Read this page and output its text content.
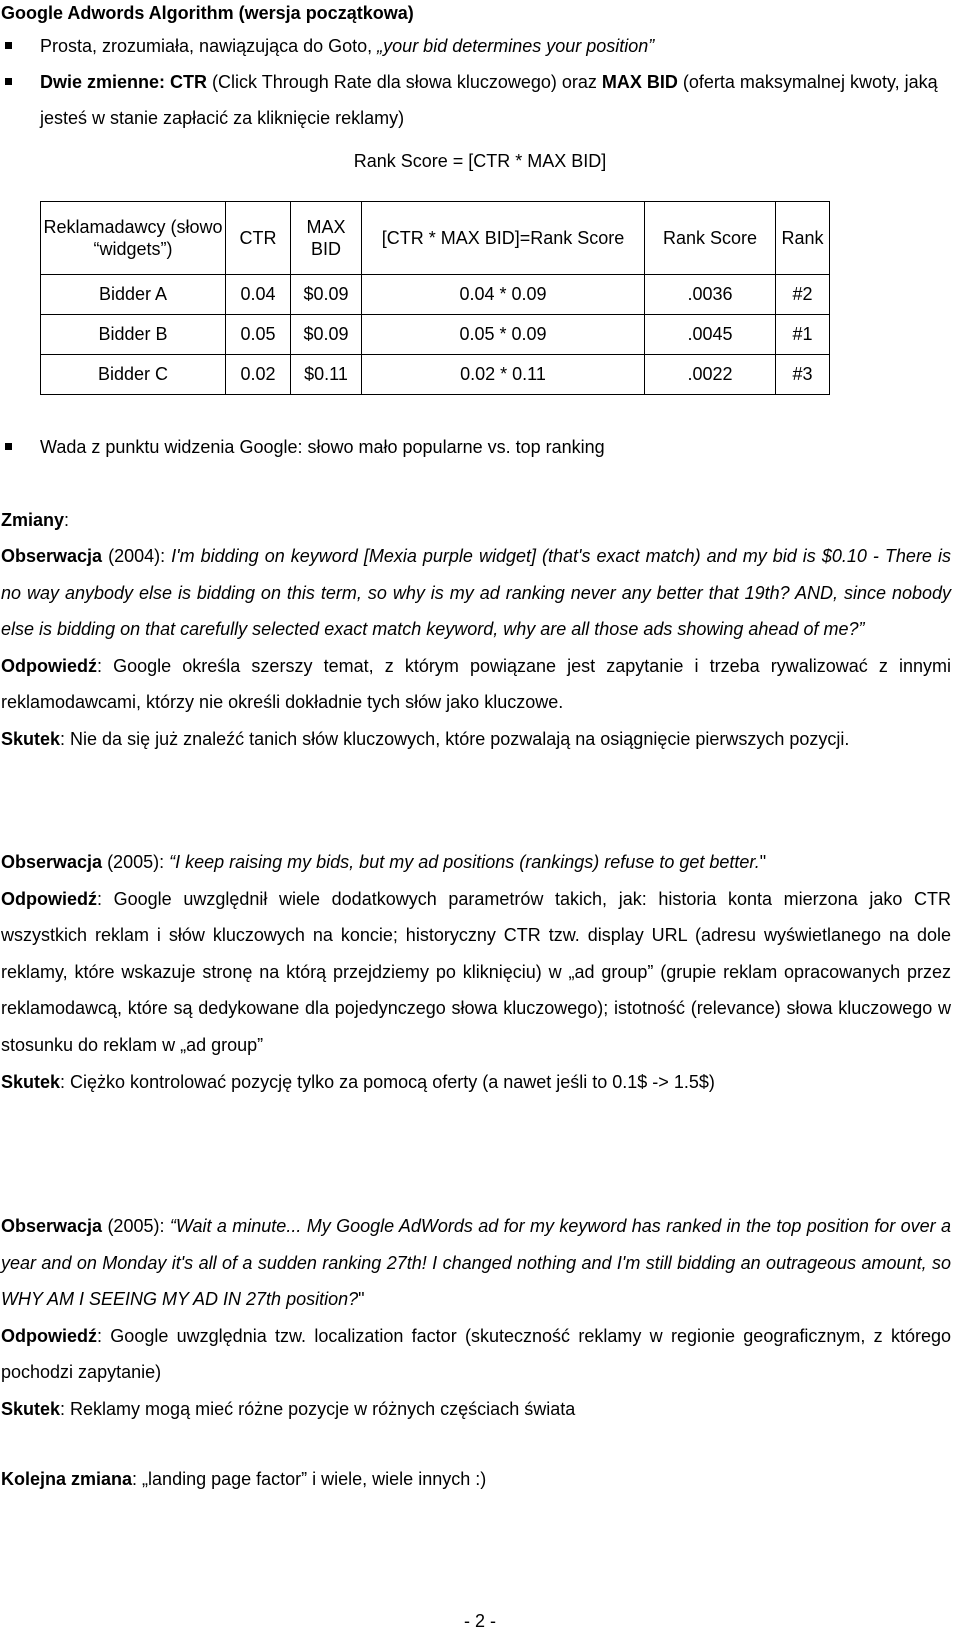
Google Adwords Algorithm (wersja początkowa)
Prosta, zrozumiała, nawiązująca do Goto, „your bid determines your position”
Dwie zmienne: CTR (Click Through Rate dla słowa kluczowego) oraz MAX BID (oferta maksymalnej kwoty, jaką jesteś w stanie zapłacić za kliknięcie reklamy)
Rank Score = [CTR * MAX BID]
Reklamadawcy (słowo “widgets”)	CTR	MAX BID	[CTR * MAX BID]=Rank Score	Rank Score	Rank
Bidder A	0.04	$0.09	0.04 * 0.09	.0036	#2
Bidder B	0.05	$0.09	0.05 * 0.09	.0045	#1
Bidder C	0.02	$0.11	0.02 * 0.11	.0022	#3
Wada z punktu widzenia Google: słowo mało popularne vs. top ranking
Zmiany:
Obserwacja (2004): I'm bidding on keyword [Mexia purple widget] (that's exact match) and my bid is $0.10 - There is no way anybody else is bidding on this term, so why is my ad ranking never any better that 19th? AND, since nobody else is bidding on that carefully selected exact match keyword, why are all those ads showing ahead of me?”
Odpowiedź: Google określa szerszy temat, z którym powiązane jest zapytanie i trzeba rywalizować z innymi reklamodawcami, którzy nie określi dokładnie tych słów jako kluczowe.
Skutek: Nie da się już znaleźć tanich słów kluczowych, które pozwalają na osiągnięcie pierwszych pozycji.
Obserwacja (2005): “I keep raising my bids, but my ad positions (rankings) refuse to get better."
Odpowiedź: Google uwzględnił wiele dodatkowych parametrów takich, jak: historia konta mierzona jako CTR wszystkich reklam i słów kluczowych na koncie; historyczny CTR tzw. display URL (adresu wyświetlanego na dole reklamy, które wskazuje stronę na którą przejdziemy po kliknięciu) w „ad group” (grupie reklam opracowanych przez reklamodawcą, które są dedykowane dla pojedynczego słowa kluczowego); istotność (relevance) słowa kluczowego w stosunku do reklam w „ad group”
Skutek: Ciężko kontrolować pozycję tylko za pomocą oferty (a nawet jeśli to 0.1$ -> 1.5$)
Obserwacja (2005): “Wait a minute... My Google AdWords ad for my keyword has ranked in the top position for over a year and on Monday it's all of a sudden ranking 27th! I changed nothing and I'm still bidding an outrageous amount, so WHY AM I SEEING MY AD IN 27th position?"
Odpowiedź: Google uwzględnia tzw. localization factor (skuteczność reklamy w regionie geograficznym, z którego pochodzi zapytanie)
Skutek: Reklamy mogą mieć różne pozycje w różnych częściach świata
Kolejna zmiana: „landing page factor” i wiele, wiele innych :)
- 2 -
